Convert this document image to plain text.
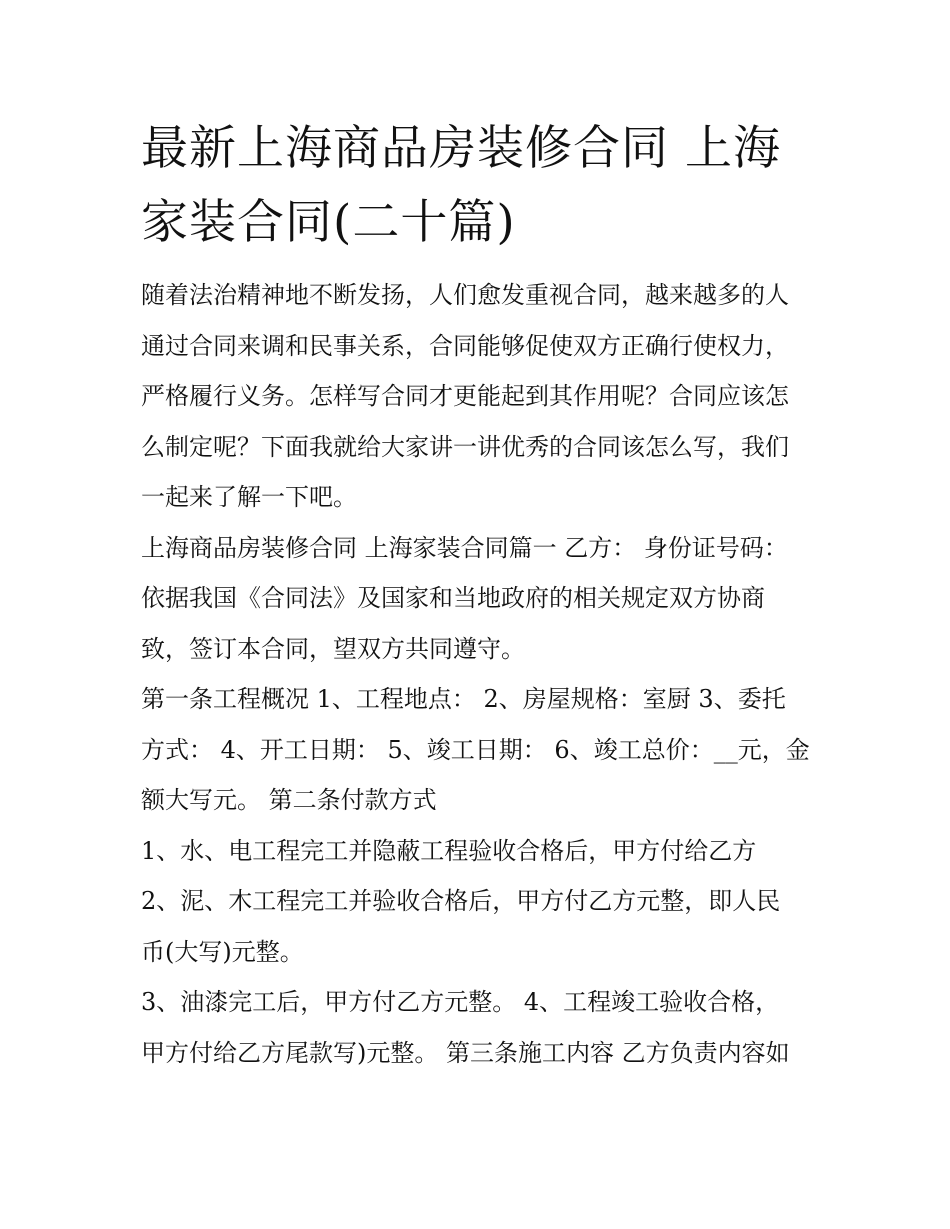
最新上海商品房装修合同 上海
家装合同(二十篇)

随着法治精神地不断发扬，人们愈发重视合同，越来越多的人
通过合同来调和民事关系，合同能够促使双方正确行使权力，
严格履行义务。怎样写合同才更能起到其作用呢？合同应该怎
么制定呢？下面我就给大家讲一讲优秀的合同该怎么写，我们
一起来了解一下吧。

上海商品房装修合同 上海家装合同篇一 乙方： 身份证号码：
依据我国《合同法》及国家和当地政府的相关规定双方协商
致，签订本合同，望双方共同遵守。

第一条工程概况 1、工程地点： 2、房屋规格：室厨 3、委托
方式： 4、开工日期： 5、竣工日期： 6、竣工总价：__元，金
额大写元。 第二条付款方式

1、水、电工程完工并隐蔽工程验收合格后，甲方付给乙方

2、泥、木工程完工并验收合格后，甲方付乙方元整，即人民
币(大写)元整。

3、油漆完工后，甲方付乙方元整。 4、工程竣工验收合格，
甲方付给乙方尾款写)元整。 第三条施工内容 乙方负责内容如
